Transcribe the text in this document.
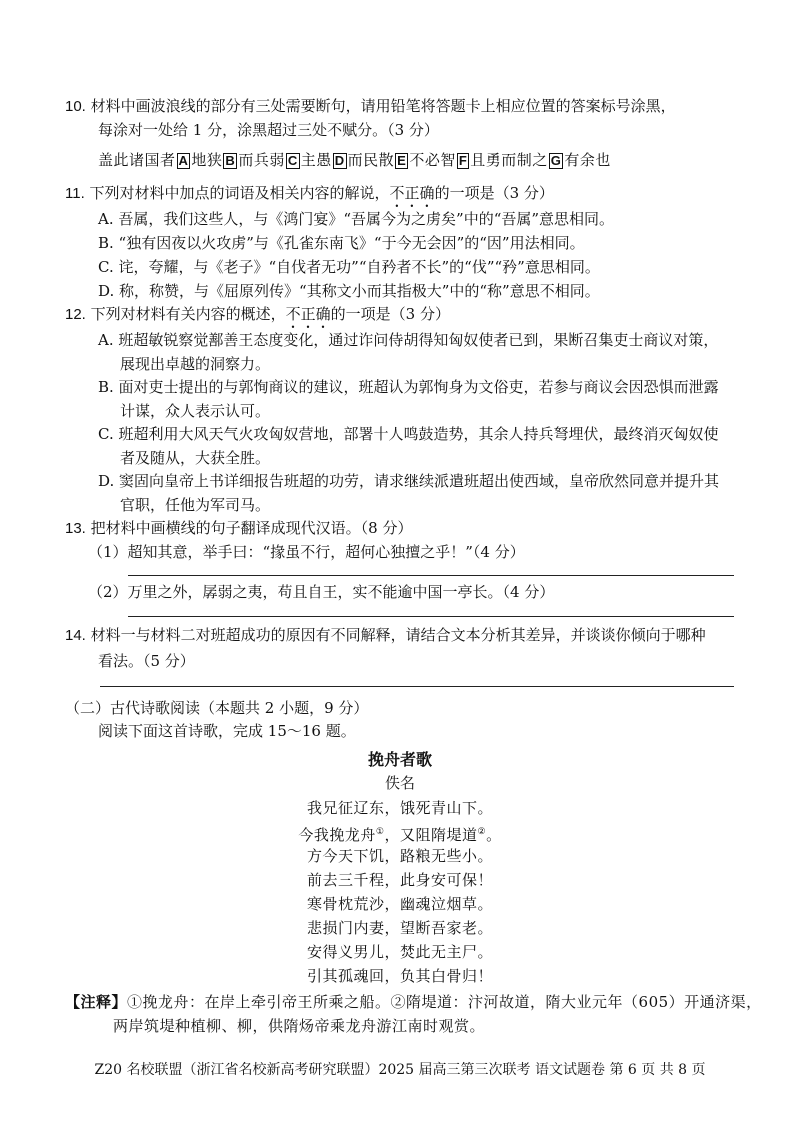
10. 材料中画波浪线的部分有三处需要断句，请用铅笔将答题卡上相应位置的答案标号涂黑，
每涂对一处给 1 分，涂黑超过三处不赋分。（3 分）
盖此诸国者 A 地狭 B 而兵弱 C 主愚 D 而民散 E 不必智 F 且勇而制之 G 有余也
11. 下列对材料中加点的词语及相关内容的解说，不正确的一项是（3 分）
A. 吾属，我们这些人，与《鸿门宴》“吾属今为之虏矣”中的“吾属”意思相同。
B. “独有因夜以火攻虏”与《孔雀东南飞》“于今无会因”的“因”用法相同。
C. 诧，夸耀，与《老子》“自伐者无功”“自矜者不长”的“伐”“矜”意思相同。
D. 称，称赞，与《屈原列传》“其称文小而其指极大”中的“称”意思不相同。
12. 下列对材料有关内容的概述，不正确的一项是（3 分）
A. 班超敏锐察觉鄯善王态度变化，通过诈问侍胡得知匈奴使者已到，果断召集吏士商议对策，
展现出卓越的洞察力。
B. 面对吏士提出的与郭恂商议的建议，班超认为郭恂身为文俗吏，若参与商议会因恐惧而泄露
计谋，众人表示认可。
C. 班超利用大风天气火攻匈奴营地，部署十人鸣鼓造势，其余人持兵弩埋伏，最终消灭匈奴使
者及随从，大获全胜。
D. 窦固向皇帝上书详细报告班超的功劳，请求继续派遣班超出使西域，皇帝欣然同意并提升其
官职，任他为军司马。
13. 把材料中画横线的句子翻译成现代汉语。（8 分）
（1）超知其意，举手曰：“掾虽不行，超何心独擅之乎！”（4 分）
（2）万里之外，孱弱之夷，苟且自王，实不能逾中国一亭长。（4 分）
14. 材料一与材料二对班超成功的原因有不同解释，请结合文本分析其差异，并谈谈你倾向于哪种
看法。（5 分）
（二）古代诗歌阅读（本题共 2 小题，9 分）
阅读下面这首诗歌，完成 15～16 题。
挽舟者歌
佚名
我兄征辽东，饿死青山下。
今我挽龙舟①，又阻隋堤道②。
方今天下饥，路粮无些小。
前去三千程，此身安可保！
寒骨枕荒沙，幽魂泣烟草。
悲损门内妻，望断吾家老。
安得义男儿，焚此无主尸。
引其孤魂回，负其白骨归！
【注释】①挽龙舟：在岸上牵引帝王所乘之船。②隋堤道：汴河故道，隋大业元年（605）开通济渠，
两岸筑堤种植柳、柳，供隋炀帝乘龙舟游江南时观赏。
Z20 名校联盟（浙江省名校新高考研究联盟）2025 届高三第三次联考 语文试题卷 第 6 页 共 8 页
